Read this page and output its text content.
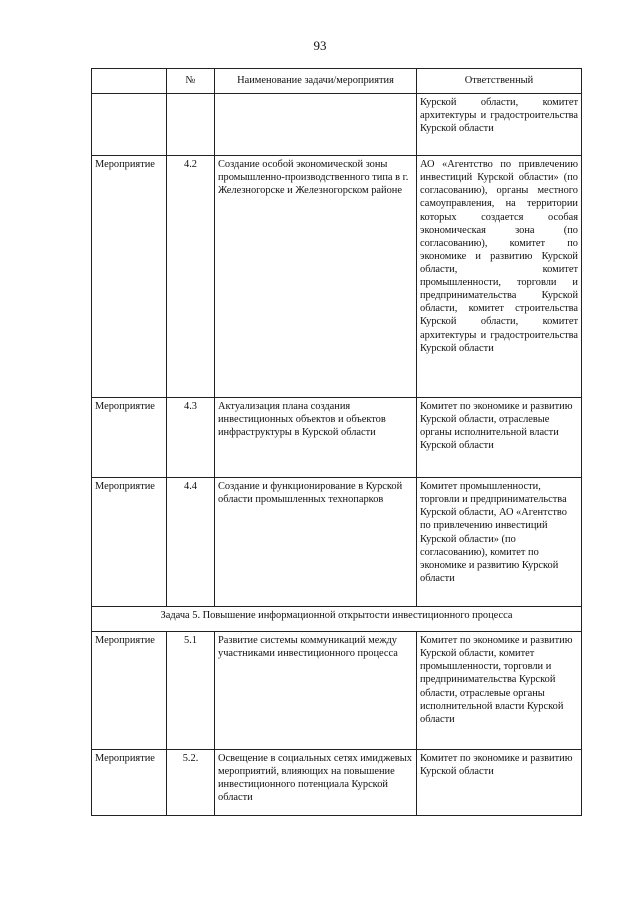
93
	№	Наименование задачи/мероприятия	Ответственный
			Курской области, комитет архитектуры и градостроительства Курской области
Мероприятие	4.2	Создание особой экономической зоны промышленно-производственного типа в г. Железногорске и Железногорском районе	АО «Агентство по привлечению инвестиций Курской области» (по согласованию), органы местного самоуправления, на территории которых создается особая экономическая зона (по согласованию), комитет по экономике и развитию Курской области, комитет промышленности, торговли и предпринимательства Курской области, комитет строительства Курской области, комитет архитектуры и градостроительства Курской области
Мероприятие	4.3	Актуализация плана создания инвестиционных объектов и объектов инфраструктуры в Курской области	Комитет по экономике и развитию Курской области, отраслевые органы исполнительной власти Курской области
Мероприятие	4.4	Создание и функционирование в Курской области промышленных технопарков	Комитет промышленности, торговли и предпринимательства Курской области, АО «Агентство по привлечению инвестиций Курской области» (по согласованию), комитет по экономике и развитию Курской области
Задача 5. Повышение информационной открытости инвестиционного процесса			
Мероприятие	5.1	Развитие системы коммуникаций между участниками инвестиционного процесса	Комитет по экономике и развитию Курской области, комитет промышленности, торговли и предпринимательства Курской области, отраслевые органы исполнительной власти Курской области
Мероприятие	5.2.	Освещение в социальных сетях имиджевых мероприятий, влияющих на повышение инвестиционного потенциала Курской области	Комитет по экономике и развитию Курской области
